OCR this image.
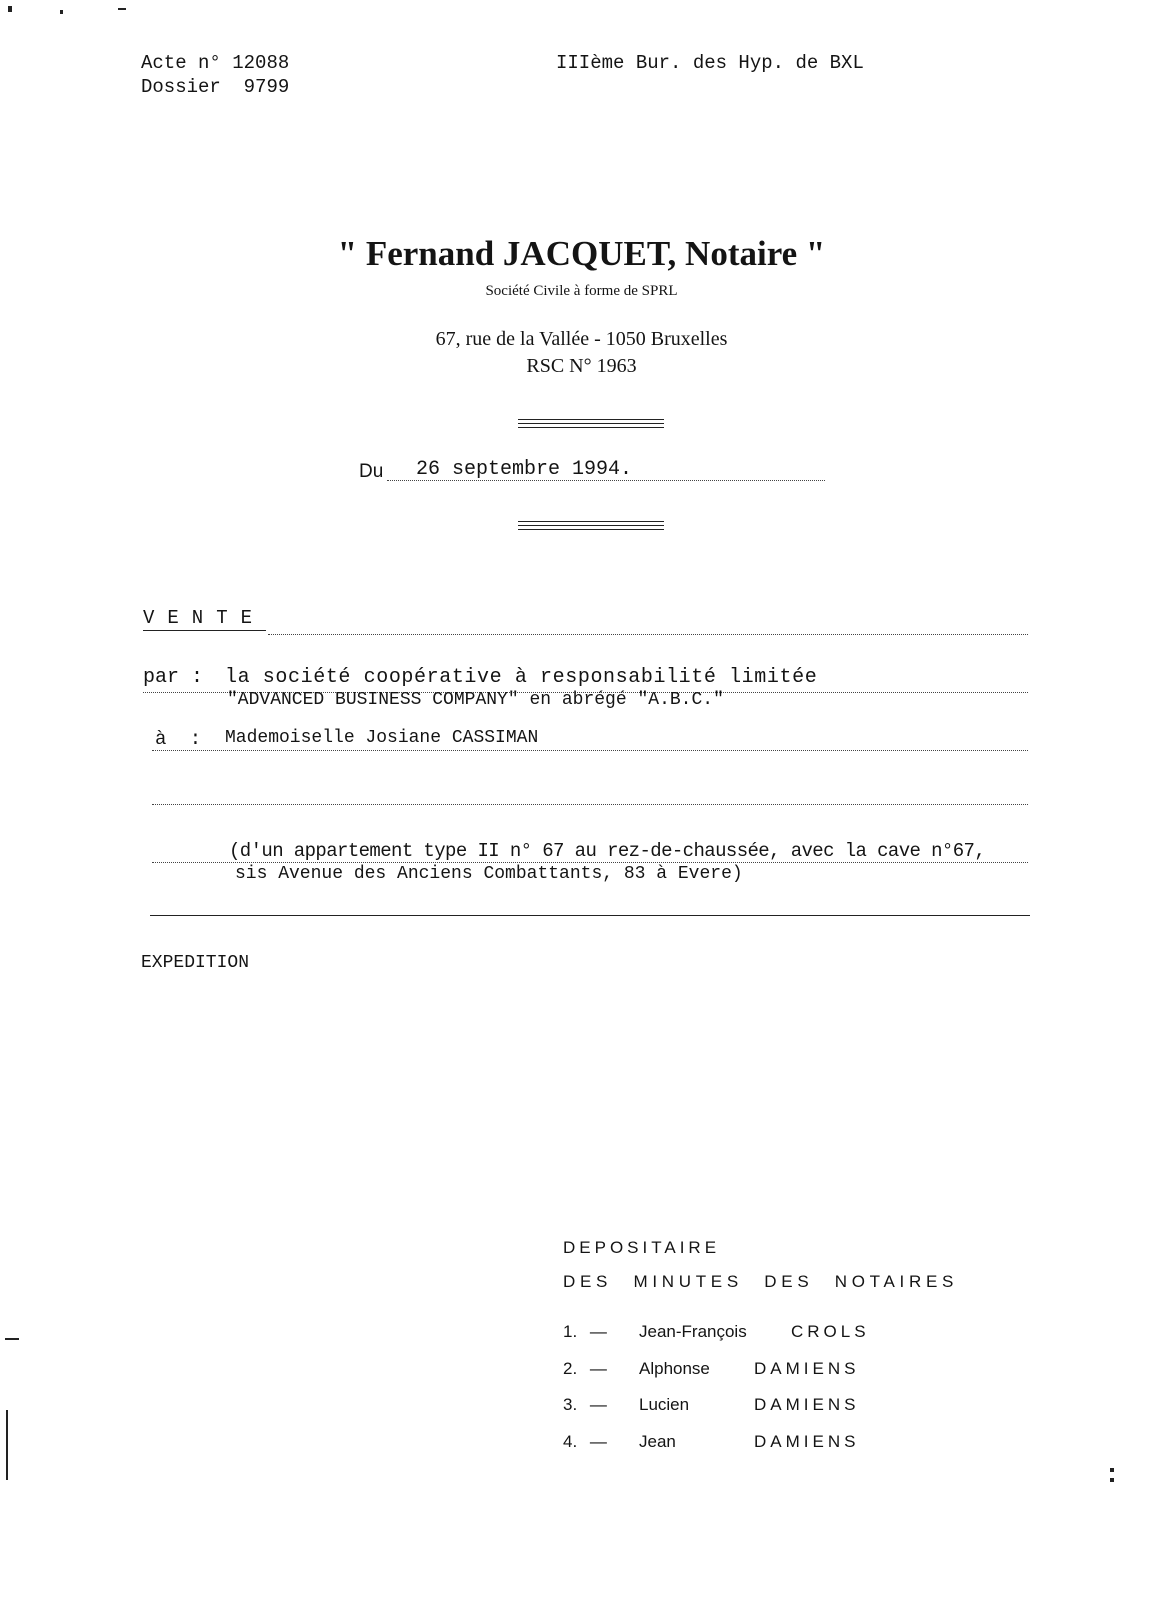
Acte n° 12088
Dossier 9799
IIIème Bur. des Hyp. de BXL
" Fernand JACQUET, Notaire "
Société Civile à forme de SPRL
67, rue de la Vallée - 1050 Bruxelles
RSC N° 1963
Du 26 septembre 1994.
VENTE
par : la société coopérative à responsabilité limitée
"ADVANCED BUSINESS COMPANY" en abrégé "A.B.C."
à : Mademoiselle Josiane CASSIMAN
(d'un appartement type II n° 67 au rez-de-chaussée, avec la cave n°67,
sis Avenue des Anciens Combattants, 83 à Evere)
EXPEDITION
DEPOSITAIRE
DES MINUTES DES NOTAIRES
1. — Jean-François	CROLS
2. — Alphonse	DAMIENS
3. — Lucien	DAMIENS
4. — Jean	DAMIENS
